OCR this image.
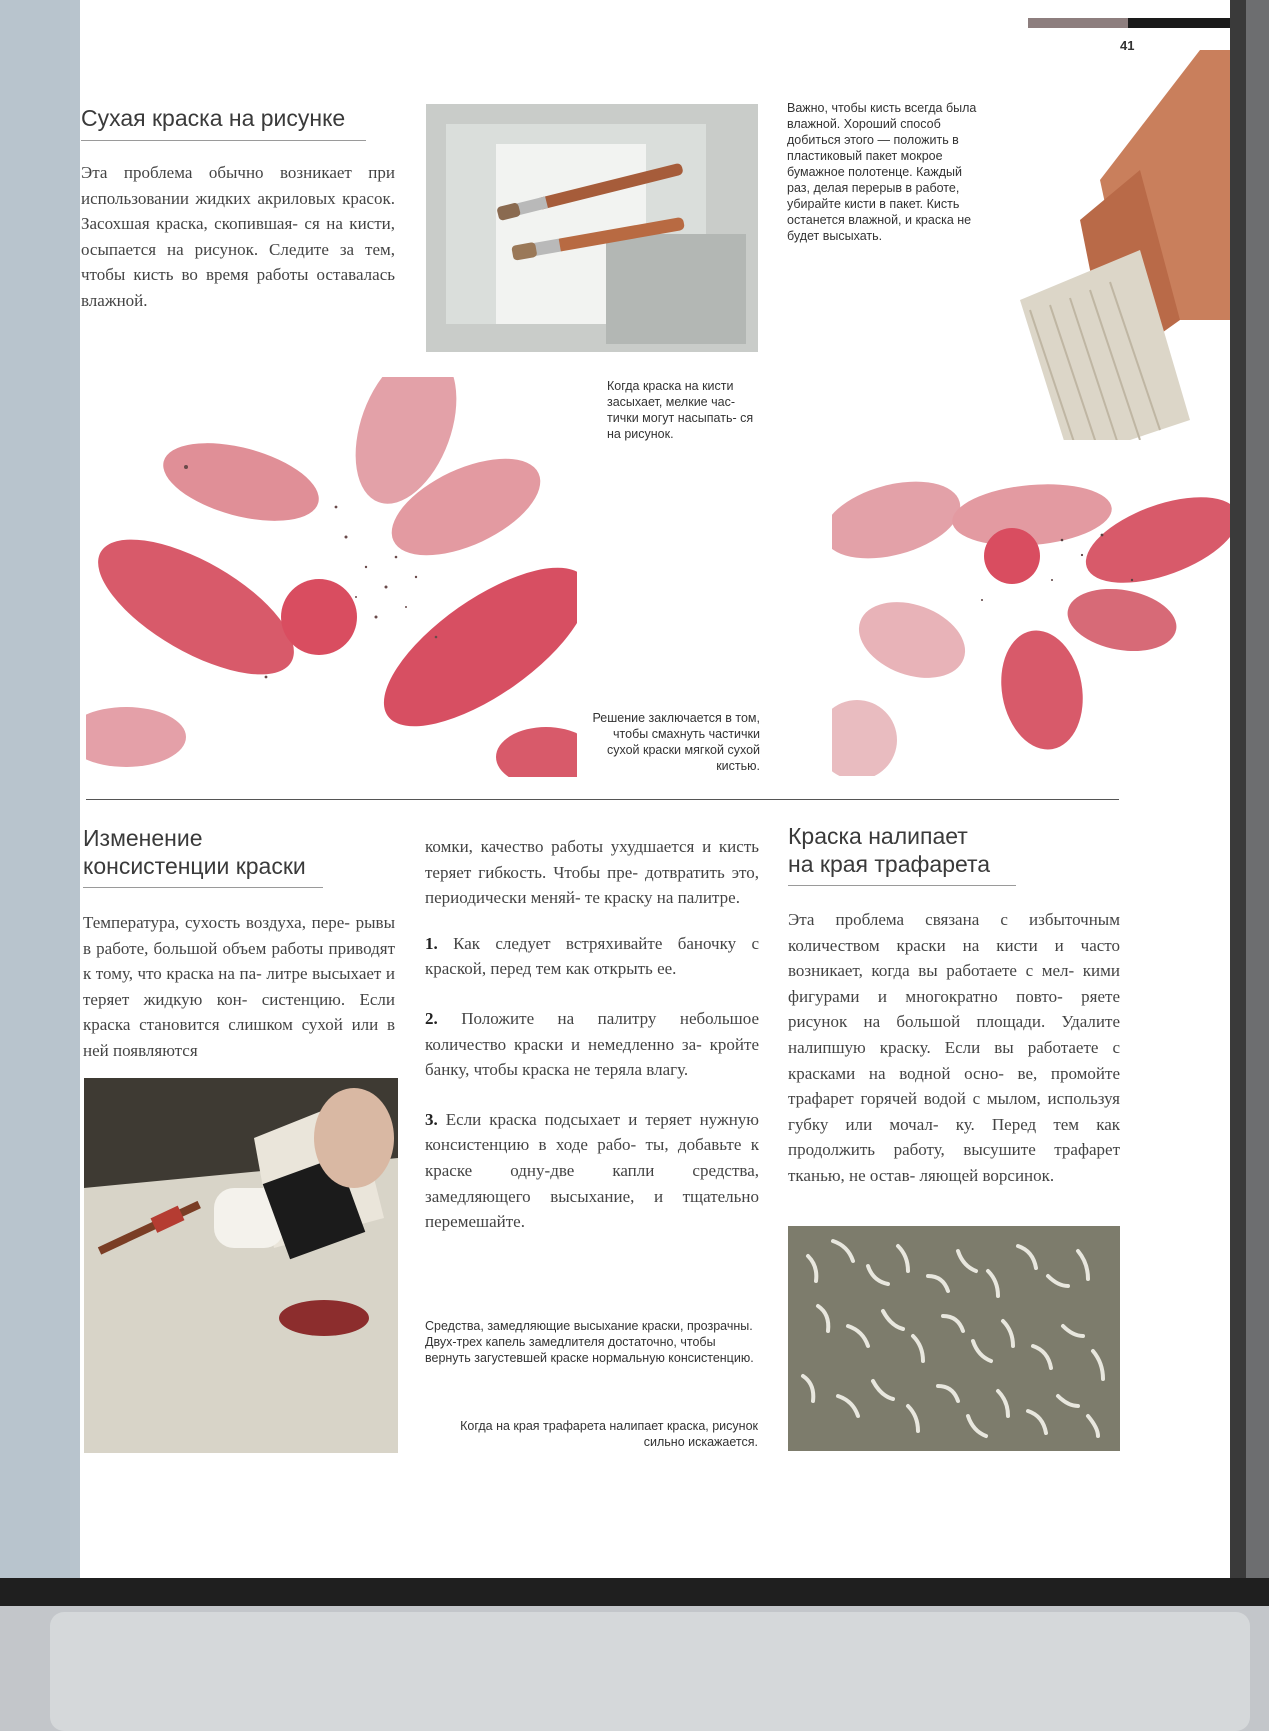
41
Сухая краска на рисунке

Эта проблема обычно возникает при использовании жидких акриловых красок. Засохшая краска, скопившая- ся на кисти, осыпается на рисунок. Следите за тем, чтобы кисть во время работы оставалась влажной.

Важно, чтобы кисть всегда была влажной. Хороший способ добиться этого — положить в пластиковый пакет мокрое бумажное полотенце. Каждый раз, делая перерыв в работе, убирайте кисти в пакет. Кисть останется влажной, и краска не будет высыхать.

Когда краска на кисти засыхает, мелкие час- тички могут насыпать- ся на рисунок.

Решение заключается в том, чтобы смахнуть частички сухой краски мягкой сухой кистью.

Изменение
консистенции краски

Температура, сухость воздуха, пере- рывы в работе, большой объем работы приводят к тому, что краска на па- литре высыхает и теряет жидкую кон- систенцию. Если краска становится слишком сухой или в ней появляются

комки, качество работы ухудшается и кисть теряет гибкость. Чтобы пре- дотвратить это, периодически меняй- те краску на палитре.

1. Как следует встряхивайте баночку с краской, перед тем как открыть ее.

2. Положите на палитру небольшое количество краски и немедленно за- кройте банку, чтобы краска не теряла влагу.

3. Если краска подсыхает и теряет нужную консистенцию в ходе рабо- ты, добавьте к краске одну-две капли средства, замедляющего высыхание, и тщательно перемешайте.

Средства, замедляющие высыхание краски, прозрачны. Двух-трех капель замедлителя достаточно, чтобы вернуть загустевшей краске нормальную консистенцию.

Когда на края трафарета налипает краска, рисунок сильно искажается.

Краска налипает
на края трафарета

Эта проблема связана с избыточным количеством краски на кисти и часто возникает, когда вы работаете с мел- кими фигурами и многократно повто- ряете рисунок на большой площади. Удалите налипшую краску. Если вы работаете с красками на водной осно- ве, промойте трафарет горячей водой с мылом, используя губку или мочал- ку. Перед тем как продолжить работу, высушите трафарет тканью, не остав- ляющей ворсинок.
